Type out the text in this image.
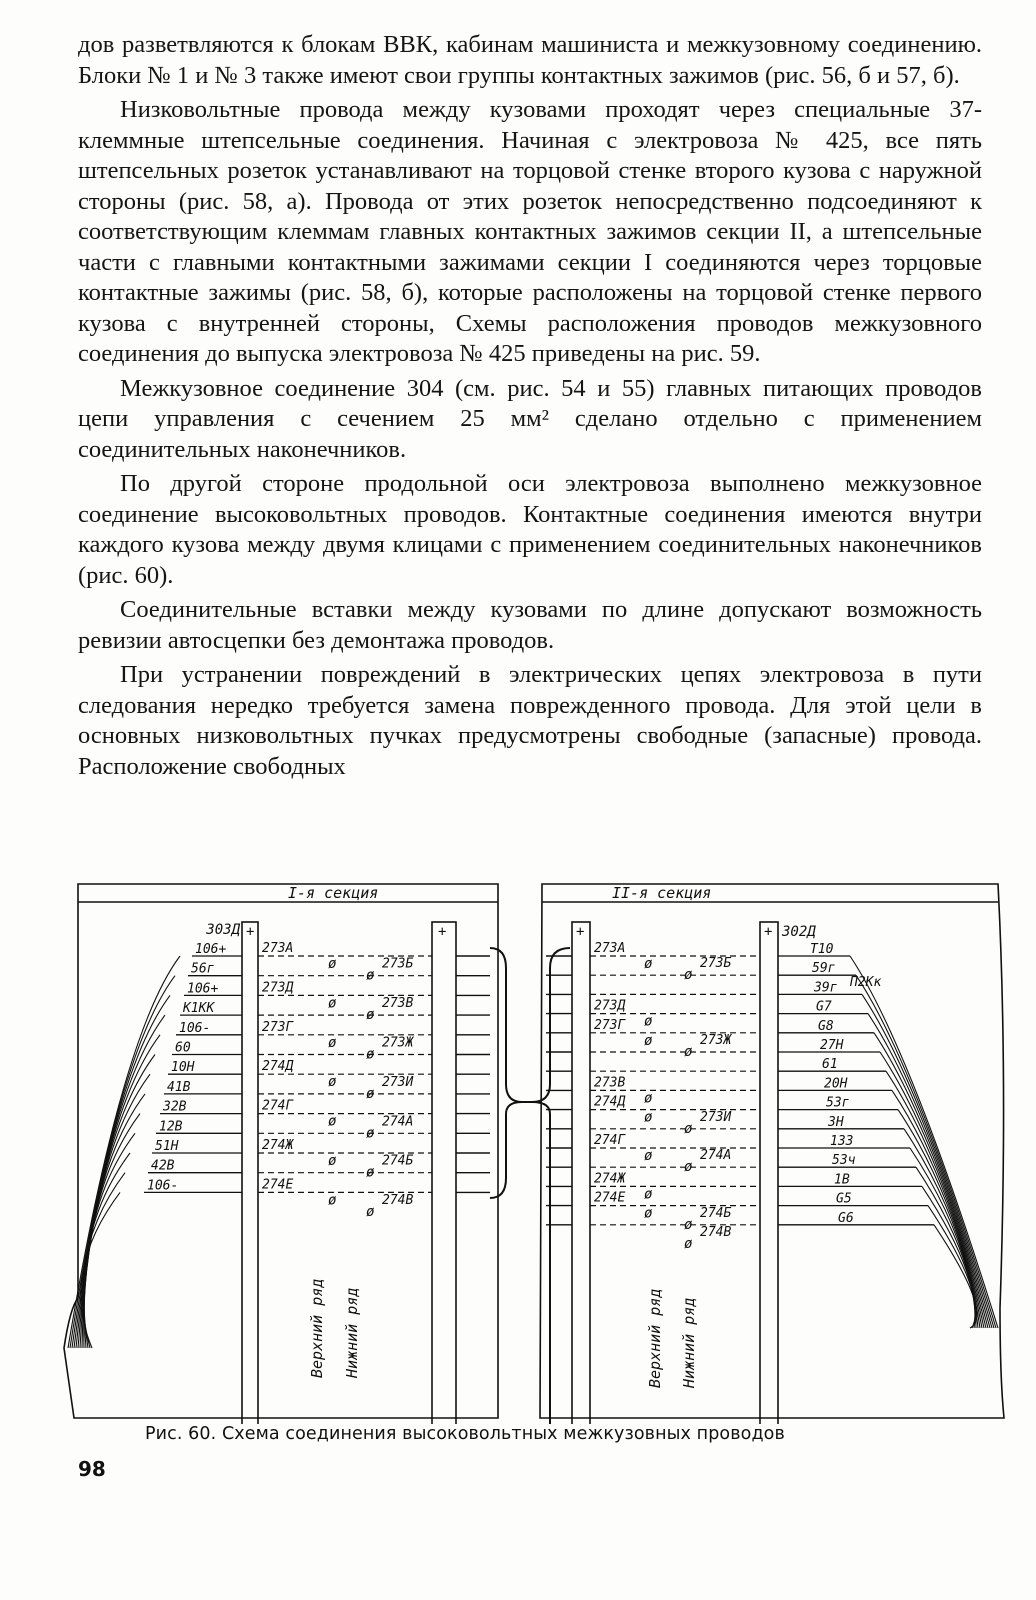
дов разветвляются к блокам ВВК, кабинам машиниста и межкузовному соединению. Блоки № 1 и № 3 также имеют свои группы контактных зажимов (рис. 56, б и 57, б).

Низковольтные провода между кузовами проходят через специальные 37-клеммные штепсельные соединения. Начиная с электровоза № 425, все пять штепсельных розеток устанавливают на торцовой стенке второго кузова с наружной стороны (рис. 58, а). Провода от этих розеток непосредственно подсоединяют к соответствующим клеммам главных контактных зажимов секции II, а штепсельные части с главными контактными зажимами секции I соединяются через торцовые контактные зажимы (рис. 58, б), которые расположены на торцовой стенке первого кузова с внутренней стороны, Схемы расположения проводов межкузовного соединения до выпуска электровоза № 425 приведены на рис. 59.

Межкузовное соединение 304 (см. рис. 54 и 55) главных питающих проводов цепи управления с сечением 25 мм² сделано отдельно с применением соединительных наконечников.

По другой стороне продольной оси электровоза выполнено межкузовное соединение высоковольтных проводов. Контактные соединения имеются внутри каждого кузова между двумя клицами с применением соединительных наконечников (рис. 60).

Соединительные вставки между кузовами по длине допускают возможность ревизии автосцепки без демонтажа проводов.

При устранении повреждений в электрических цепях электровоза в пути следования нередко требуется замена поврежденного провода. Для этой цели в основных низковольтных пучках предусмотрены свободные (запасные) провода. Расположение свободных

I-я секция
+	+
303Д
106+
56г
106+
К1КК
106-
60
10Н
41В
32В
12В
51Н
42В
106-
273А
ø
273Д
ø
273Г
ø
274Д
ø
274Г
ø
274Ж
ø
274Е
ø
273Б
ø
273В
ø
273Ж
ø
273И
ø
274А
ø
274Б
ø
274В
ø
Верхний ряд Нижний ряд
II-я секция
+	+ 302Д
П2Кк
Т10
59г
39г
G7
G8
27Н
61
20Н
53г
3Н
133
53ч
1В
G5
G6
273А
ø
273Д
ø
273Г
ø
273В
ø
274Д
ø
274Г
ø
274Ж
ø
274Е
ø
273Б
ø
273Ж
ø
273И
ø
274А
ø
274Б
ø 274В
ø
Верхний ряд Нижний ряд
Рис. 60. Схема соединения высоковольтных межкузовных проводов
98
